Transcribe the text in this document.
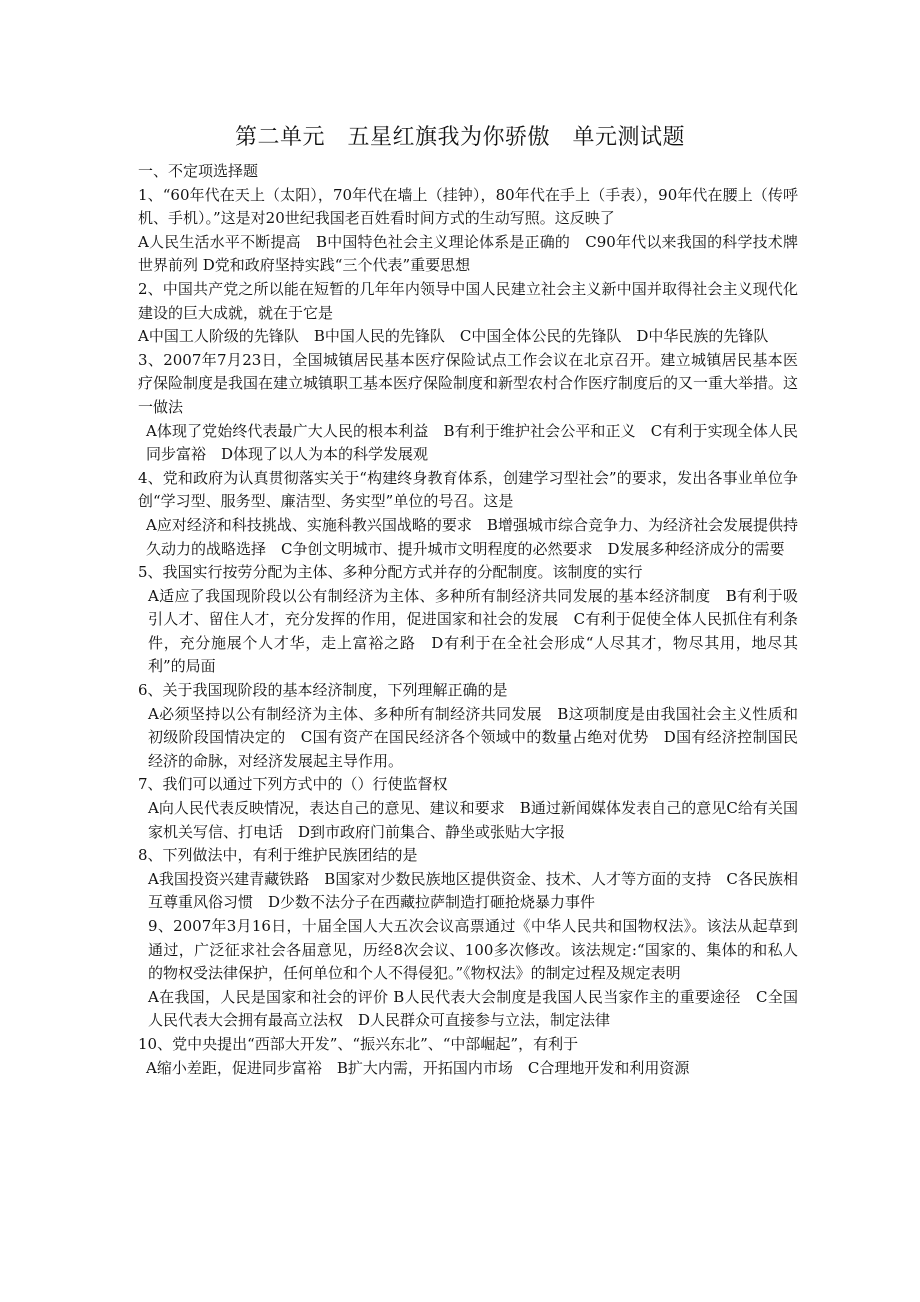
第二单元　五星红旗我为你骄傲　单元测试题

一、不定项选择题

1、“60年代在天上（太阳），70年代在墙上（挂钟），80年代在手上（手表），90年代在腰上（传呼机、手机）。”这是对20世纪我国老百姓看时间方式的生动写照。这反映了

A人民生活水平不断提高　B中国特色社会主义理论体系是正确的　C90年代以来我国的科学技术牌世界前列 D党和政府坚持实践“三个代表”重要思想

2、中国共产党之所以能在短暂的几年年内领导中国人民建立社会主义新中国并取得社会主义现代化建设的巨大成就，就在于它是

A中国工人阶级的先锋队　B中国人民的先锋队　C中国全体公民的先锋队　D中华民族的先锋队

3、2007年7月23日，全国城镇居民基本医疗保险试点工作会议在北京召开。建立城镇居民基本医疗保险制度是我国在建立城镇职工基本医疗保险制度和新型农村合作医疗制度后的又一重大举措。这一做法

A体现了党始终代表最广大人民的根本利益　B有利于维护社会公平和正义　C有利于实现全体人民同步富裕　D体现了以人为本的科学发展观

4、党和政府为认真贯彻落实关于“构建终身教育体系，创建学习型社会”的要求，发出各事业单位争创“学习型、服务型、廉洁型、务实型”单位的号召。这是

A应对经济和科技挑战、实施科教兴国战略的要求　B增强城市综合竞争力、为经济社会发展提供持久动力的战略选择　C争创文明城市、提升城市文明程度的必然要求　D发展多种经济成分的需要

5、我国实行按劳分配为主体、多种分配方式并存的分配制度。该制度的实行

A适应了我国现阶段以公有制经济为主体、多种所有制经济共同发展的基本经济制度　B有利于吸引人才、留住人才，充分发挥的作用，促进国家和社会的发展　C有利于促使全体人民抓住有利条件，充分施展个人才华，走上富裕之路　D有利于在全社会形成“人尽其才，物尽其用，地尽其利”的局面

6、关于我国现阶段的基本经济制度，下列理解正确的是

A必须坚持以公有制经济为主体、多种所有制经济共同发展　B这项制度是由我国社会主义性质和初级阶段国情决定的　C国有资产在国民经济各个领域中的数量占绝对优势　D国有经济控制国民经济的命脉，对经济发展起主导作用。

7、我们可以通过下列方式中的（）行使监督权

A向人民代表反映情况，表达自己的意见、建议和要求　B通过新闻媒体发表自己的意见C给有关国家机关写信、打电话　D到市政府门前集合、静坐或张贴大字报

8、下列做法中，有利于维护民族团结的是

A我国投资兴建青藏铁路　B国家对少数民族地区提供资金、技术、人才等方面的支持　C各民族相互尊重风俗习惯　D少数不法分子在西藏拉萨制造打砸抢烧暴力事件

9、2007年3月16日，十届全国人大五次会议高票通过《中华人民共和国物权法》。该法从起草到通过，广泛征求社会各届意见，历经8次会议、100多次修改。该法规定:“国家的、集体的和私人的物权受法律保护，任何单位和个人不得侵犯。”《物权法》的制定过程及规定表明

A在我国，人民是国家和社会的评价 B人民代表大会制度是我国人民当家作主的重要途径　C全国人民代表大会拥有最高立法权　D人民群众可直接参与立法，制定法律

10、党中央提出“西部大开发”、“振兴东北”、“中部崛起”，有利于

A缩小差距，促进同步富裕　B扩大内需，开拓国内市场　C合理地开发和利用资源
